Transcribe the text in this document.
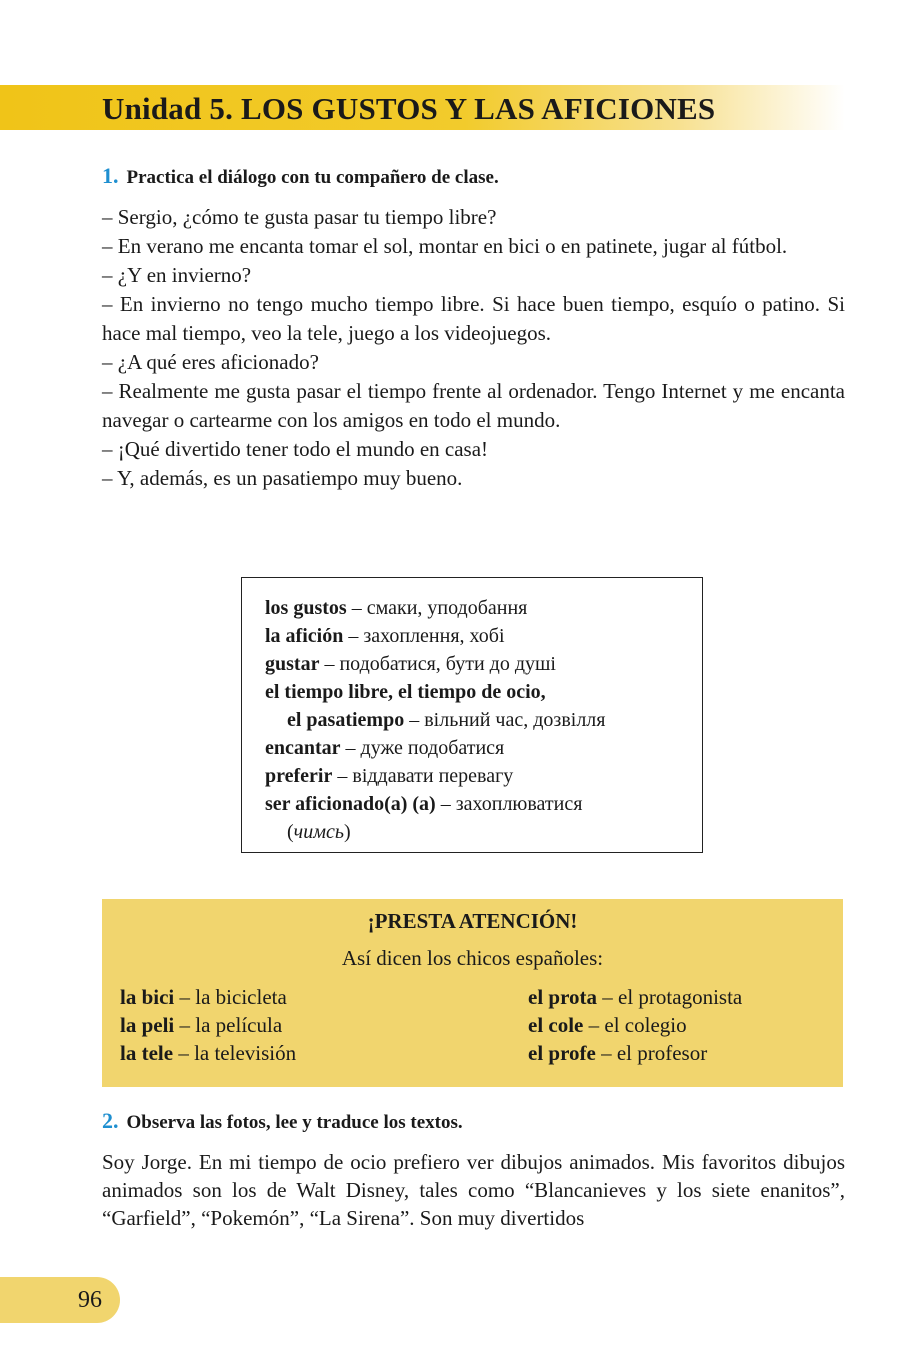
Unidad 5. LOS GUSTOS Y LAS AFICIONES
1. Practica el diálogo con tu compañero de clase.

– Sergio, ¿cómo te gusta pasar tu tiempo libre?

– En verano me encanta tomar el sol, montar en bici o en patinete, jugar al fútbol.

– ¿Y en invierno?

– En invierno no tengo mucho tiempo libre. Si hace buen tiempo, esquío o patino. Si hace mal tiempo, veo la tele, juego a los videojuegos.

– ¿A qué eres aficionado?

– Realmente me gusta pasar el tiempo frente al ordenador. Tengo Internet y me encanta navegar o cartearme con los amigos en todo el mundo.

– ¡Qué divertido tener todo el mundo en casa!

– Y, además, es un pasatiempo muy bueno.

los gustos – смаки, уподобання
la afición – захоплення, хобі
gustar – подобатися, бути до душі
el tiempo libre, el tiempo de ocio,
el pasatiempo – вільний час, дозвілля
encantar – дуже подобатися
preferir – віддавати перевагу
ser aficionado(a) (a) – захоплюватися
(чимсь)
¡PRESTA ATENCIÓN!
Así dicen los chicos españoles:
la bici – la bicicleta
la peli – la película
la tele – la televisión
el prota – el protagonista
el cole – el colegio
el profe – el profesor
2. Observa las fotos, lee y traduce los textos.

Soy Jorge. En mi tiempo de ocio prefiero ver dibujos animados. Mis favoritos dibujos animados son los de Walt Disney, tales como “Blancanieves y los siete enanitos”, “Garfield”, “Pokemón”, “La Sirena”. Son muy divertidos

96
